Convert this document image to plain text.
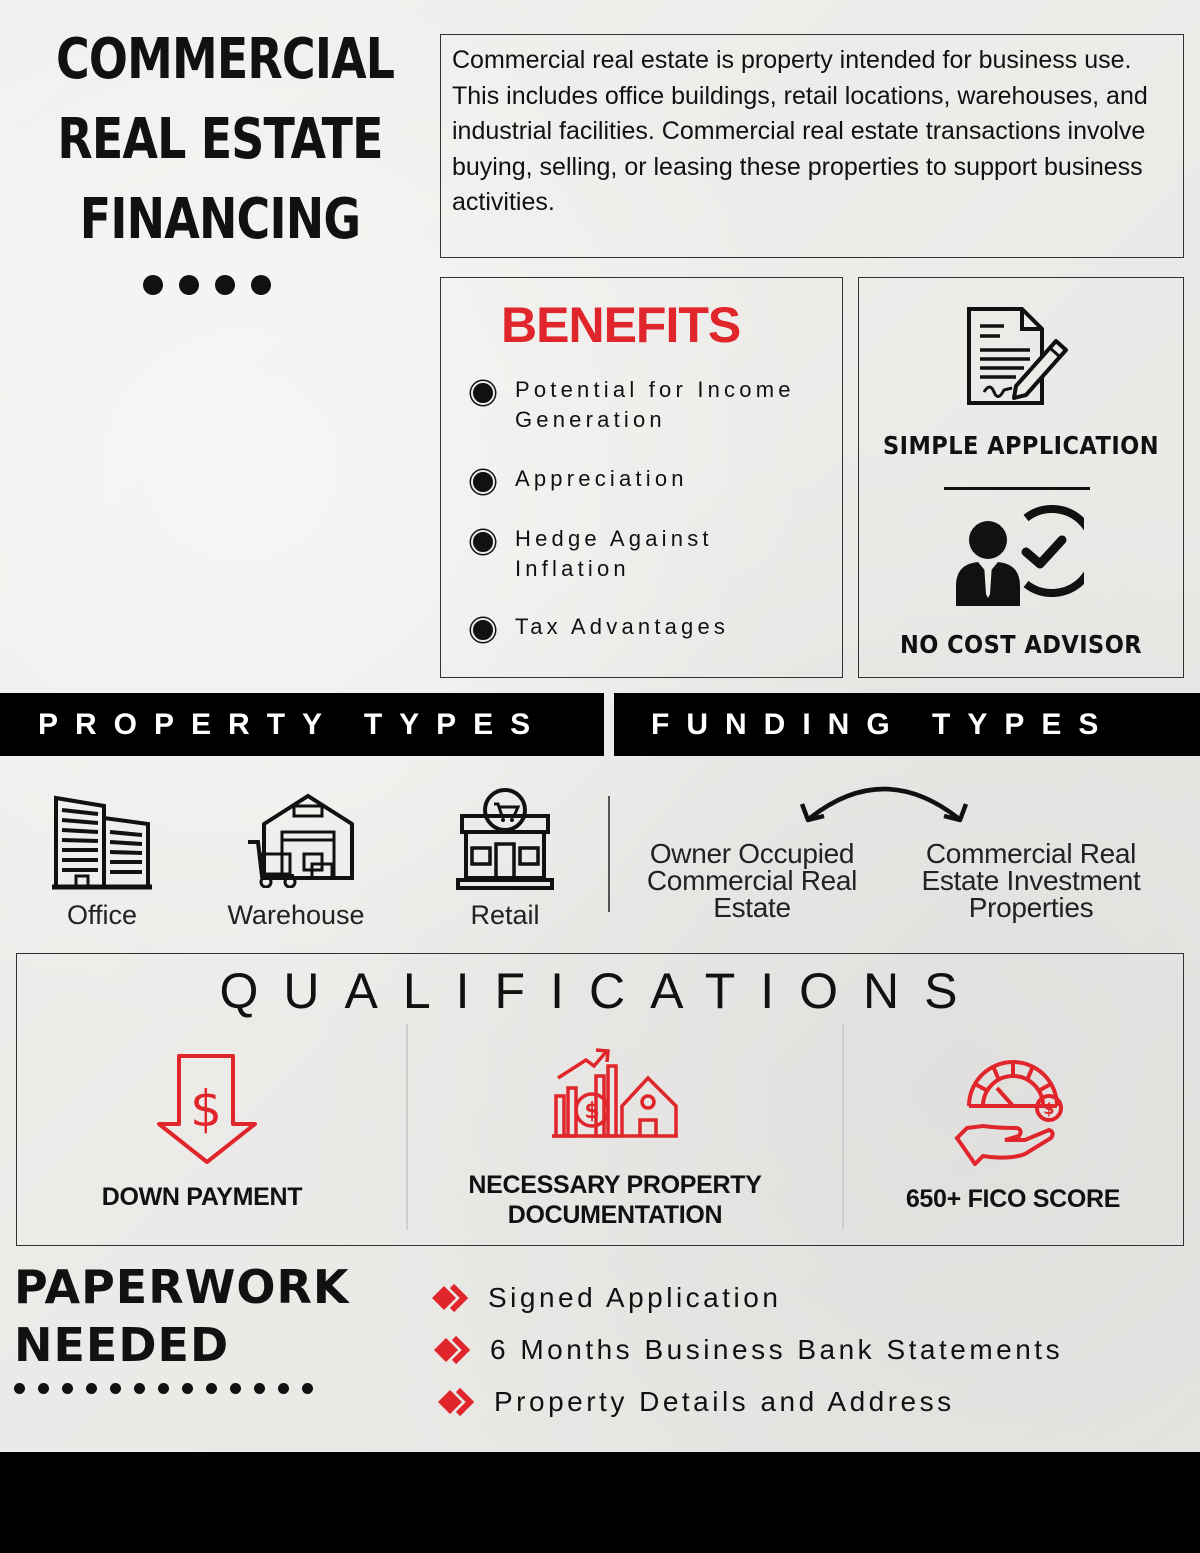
COMMERCIAL
REAL ESTATE
FINANCING
Commercial real estate is property intended for business use. This includes office buildings, retail locations, warehouses, and industrial facilities. Commercial real estate transactions involve buying, selling, or leasing these properties to support business activities.
BENEFITS
Potential for Income
Generation
Appreciation
Hedge Against
Inflation
Tax Advantages
SIMPLE APPLICATION
NO COST ADVISOR
PROPERTY TYPES	FUNDING TYPES
Office	Warehouse	Retail
Owner Occupied
Commercial Real
Estate
Commercial Real
Estate Investment
Properties
QUALIFICATIONS
$
DOWN PAYMENT
$
NECESSARY PROPERTY
DOCUMENTATION
$
650+ FICO SCORE
PAPERWORK
NEEDED
Signed Application
6 Months Business Bank Statements
Property Details and Address
